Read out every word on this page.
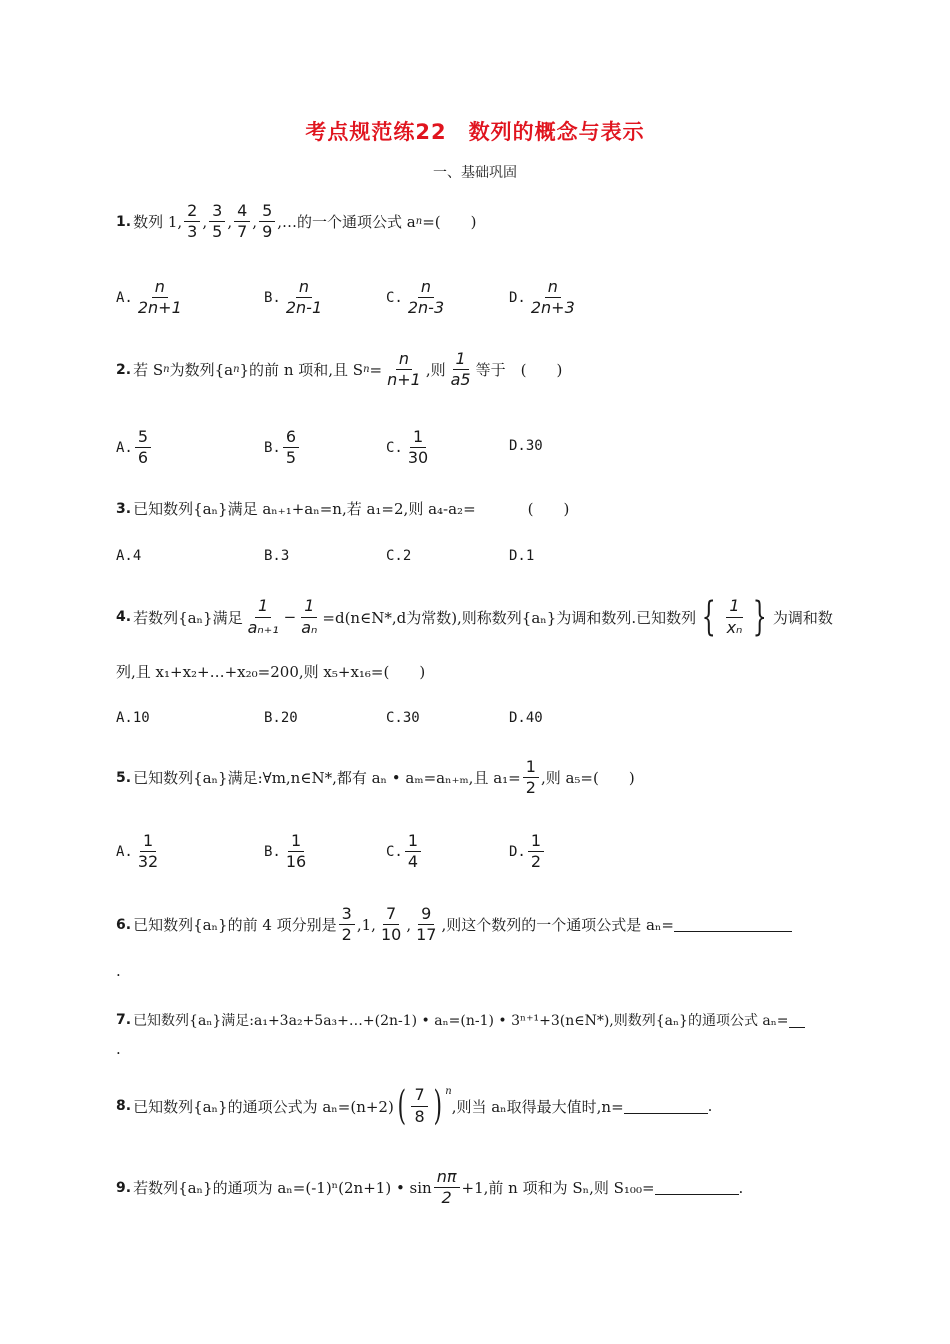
考点规范练22　数列的概念与表示
一、基础巩固
1. 数列 1, $\frac{2}{3}$ , $\frac{3}{5}$ , $\frac{4}{7}$ , $\frac{5}{9}$ ,…的一个通项公式 a n =(　　)
A. $\frac{n}{2n+1}$	B. $\frac{n}{2n-1}$	C. $\frac{n}{2n-3}$	D. $\frac{n}{2n+3}$
2. 若 S n 为数列{a n }的前 n 项和,且 S $n = \frac{n}{n+1}$ ,则 $\frac{1}{a5}$ 等于　(　　)
A. $\frac{5}{6}$	B. $\frac{6}{5}$	C. $\frac{1}{30}$	D. 30
3. 已知数列{aₙ}满足 aₙ₊₁+aₙ=n,若 a₁=2,则 a₄-a₂=	(　　)
A.4	B.3	C.2	D.1
4. 若数列{aₙ}满足 $\frac{1}{\text{aₙ₊₁}} - \frac{1}{\text{aₙ}}$ =d(n∈N*,d为常数),则称数列{aₙ}为调和数列.已知数列 { $\frac{1}{\text{xₙ}}$ } 为调和数
列,且 x₁+x₂+…+x₂₀=200,则 x₅+x₁₆=(　　)
A.10	B.20	C.30	D.40
5. 已知数列{aₙ}满足:∀m,n∈N*,都有 aₙ • aₘ=aₙ₊ₘ,且 $a_1= \frac{1}{2}$ ,则 a₅=(　　)
A. $\frac{1}{32}$	B. $\frac{1}{16}$	C. $\frac{1}{4}$	D. $\frac{1}{2}$
6. 已知数列{aₙ}的前 4 项分别是 $\frac{3}{2} ,1$, $\frac{7}{10}$ , $\frac{9}{17}$ ,则这个数列的一个通项公式是 aₙ=
.
7. 已知数列{aₙ}满足:a₁+3a₂+5a₃+…+(2n-1) • aₙ=(n-1) • 3ⁿ⁺¹+3(n∈N*),则数列{aₙ}的通项公式 aₙ=
.
8. 已知数列{aₙ}的通项公式为 aₙ=(n+2) ( $\frac{7}{8}$ ) $^n$
,则当 aₙ取得最大值时,n=	.
9. 若数列{aₙ}的通项为 aₙ=(-1)ⁿ(2n+1) • $\sin \frac{n\pi}{2} +1$,前 n 项和为 Sₙ,则 S₁₀₀=	.
